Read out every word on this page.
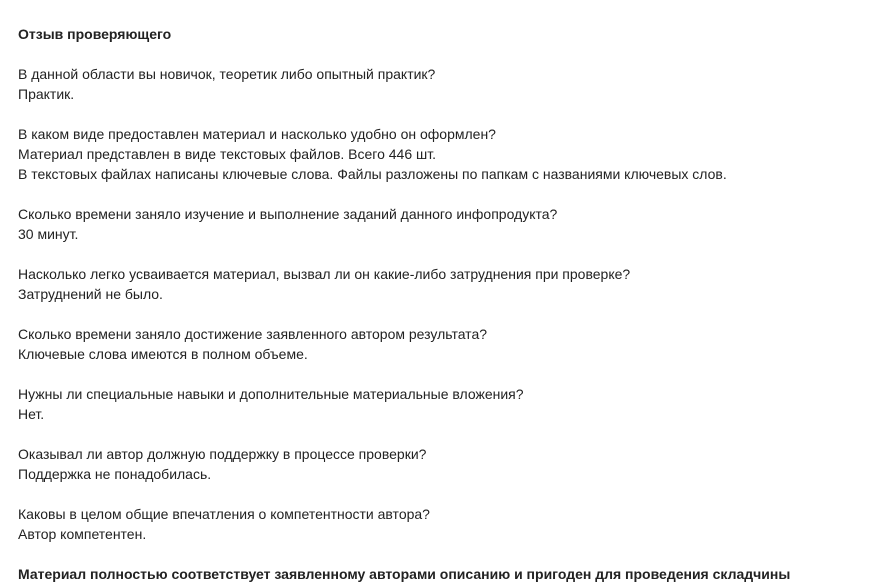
Отзыв проверяющего
В данной области вы новичок, теоретик либо опытный практик?
Практик.
В каком виде предоставлен материал и насколько удобно он оформлен?
Материал представлен в виде текстовых файлов. Всего 446 шт.
В текстовых файлах написаны ключевые слова. Файлы разложены по папкам с названиями ключевых слов.
Сколько времени заняло изучение и выполнение заданий данного инфопродукта?
30 минут.
Насколько легко усваивается материал, вызвал ли он какие-либо затруднения при проверке?
Затруднений не было.
Сколько времени заняло достижение заявленного автором результата?
Ключевые слова имеются в полном объеме.
Нужны ли специальные навыки и дополнительные материальные вложения?
Нет.
Оказывал ли автор должную поддержку в процессе проверки?
Поддержка не понадобилась.
Каковы в целом общие впечатления о компетентности автора?
Автор компетентен.
Материал полностью соответствует заявленному авторами описанию и пригоден для проведения складчины
